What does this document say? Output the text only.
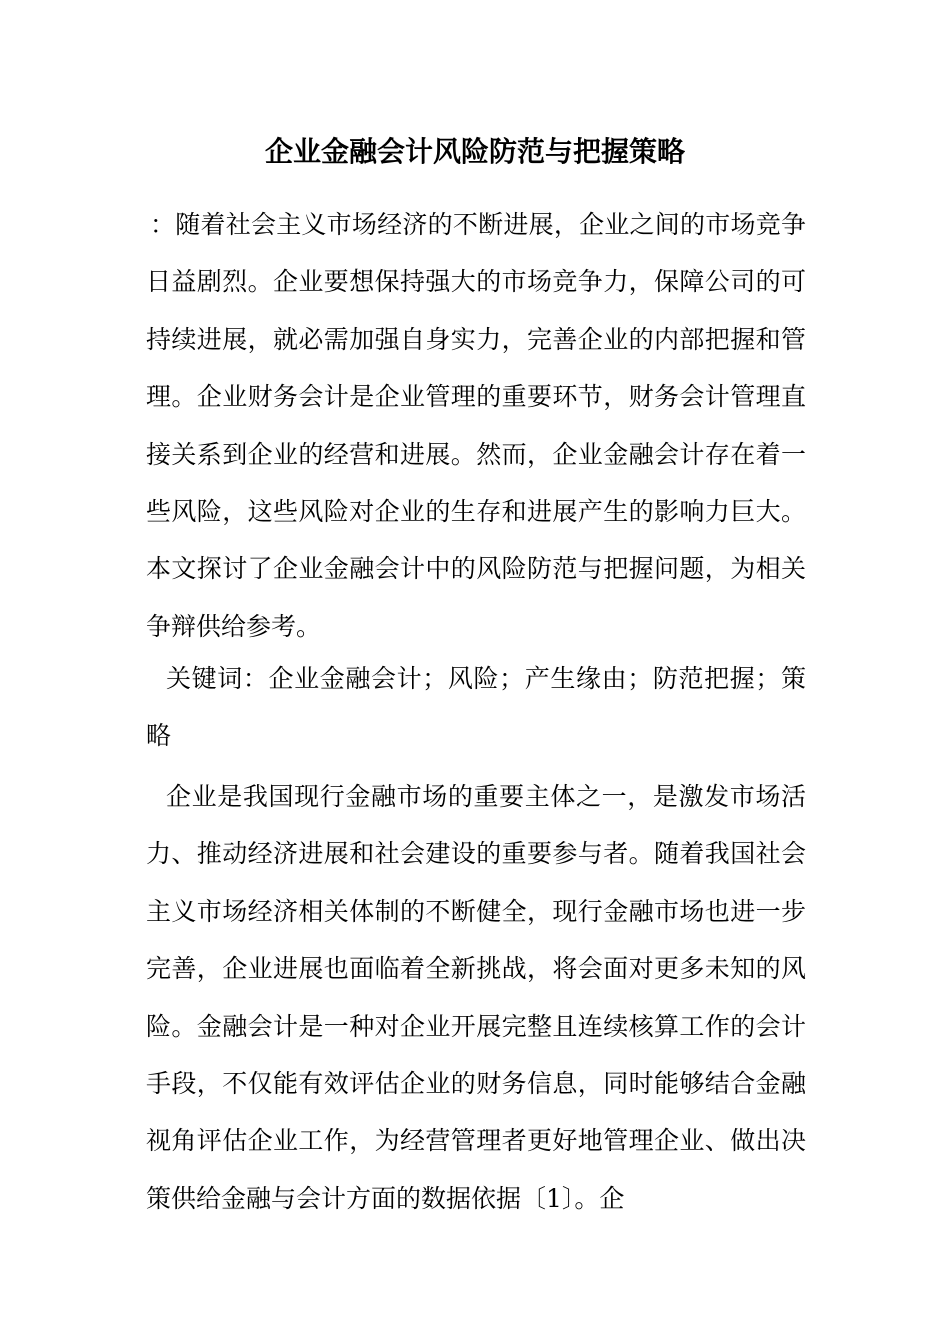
企业金融会计风险防范与把握策略

：随着社会主义市场经济的不断进展，企业之间的市场竞争日益剧烈。企业要想保持强大的市场竞争力，保障公司的可持续进展，就必需加强自身实力，完善企业的内部把握和管理。企业财务会计是企业管理的重要环节，财务会计管理直接关系到企业的经营和进展。然而，企业金融会计存在着一些风险，这些风险对企业的生存和进展产生的影响力巨大。本文探讨了企业金融会计中的风险防范与把握问题，为相关争辩供给参考。

关键词：企业金融会计；风险；产生缘由；防范把握；策略

企业是我国现行金融市场的重要主体之一，是激发市场活力、推动经济进展和社会建设的重要参与者。随着我国社会主义市场经济相关体制的不断健全，现行金融市场也进一步完善，企业进展也面临着全新挑战，将会面对更多未知的风险。金融会计是一种对企业开展完整且连续核算工作的会计手段，不仅能有效评估企业的财务信息，同时能够结合金融视角评估企业工作，为经营管理者更好地管理企业、做出决策供给金融与会计方面的数据依据〔1〕。企
